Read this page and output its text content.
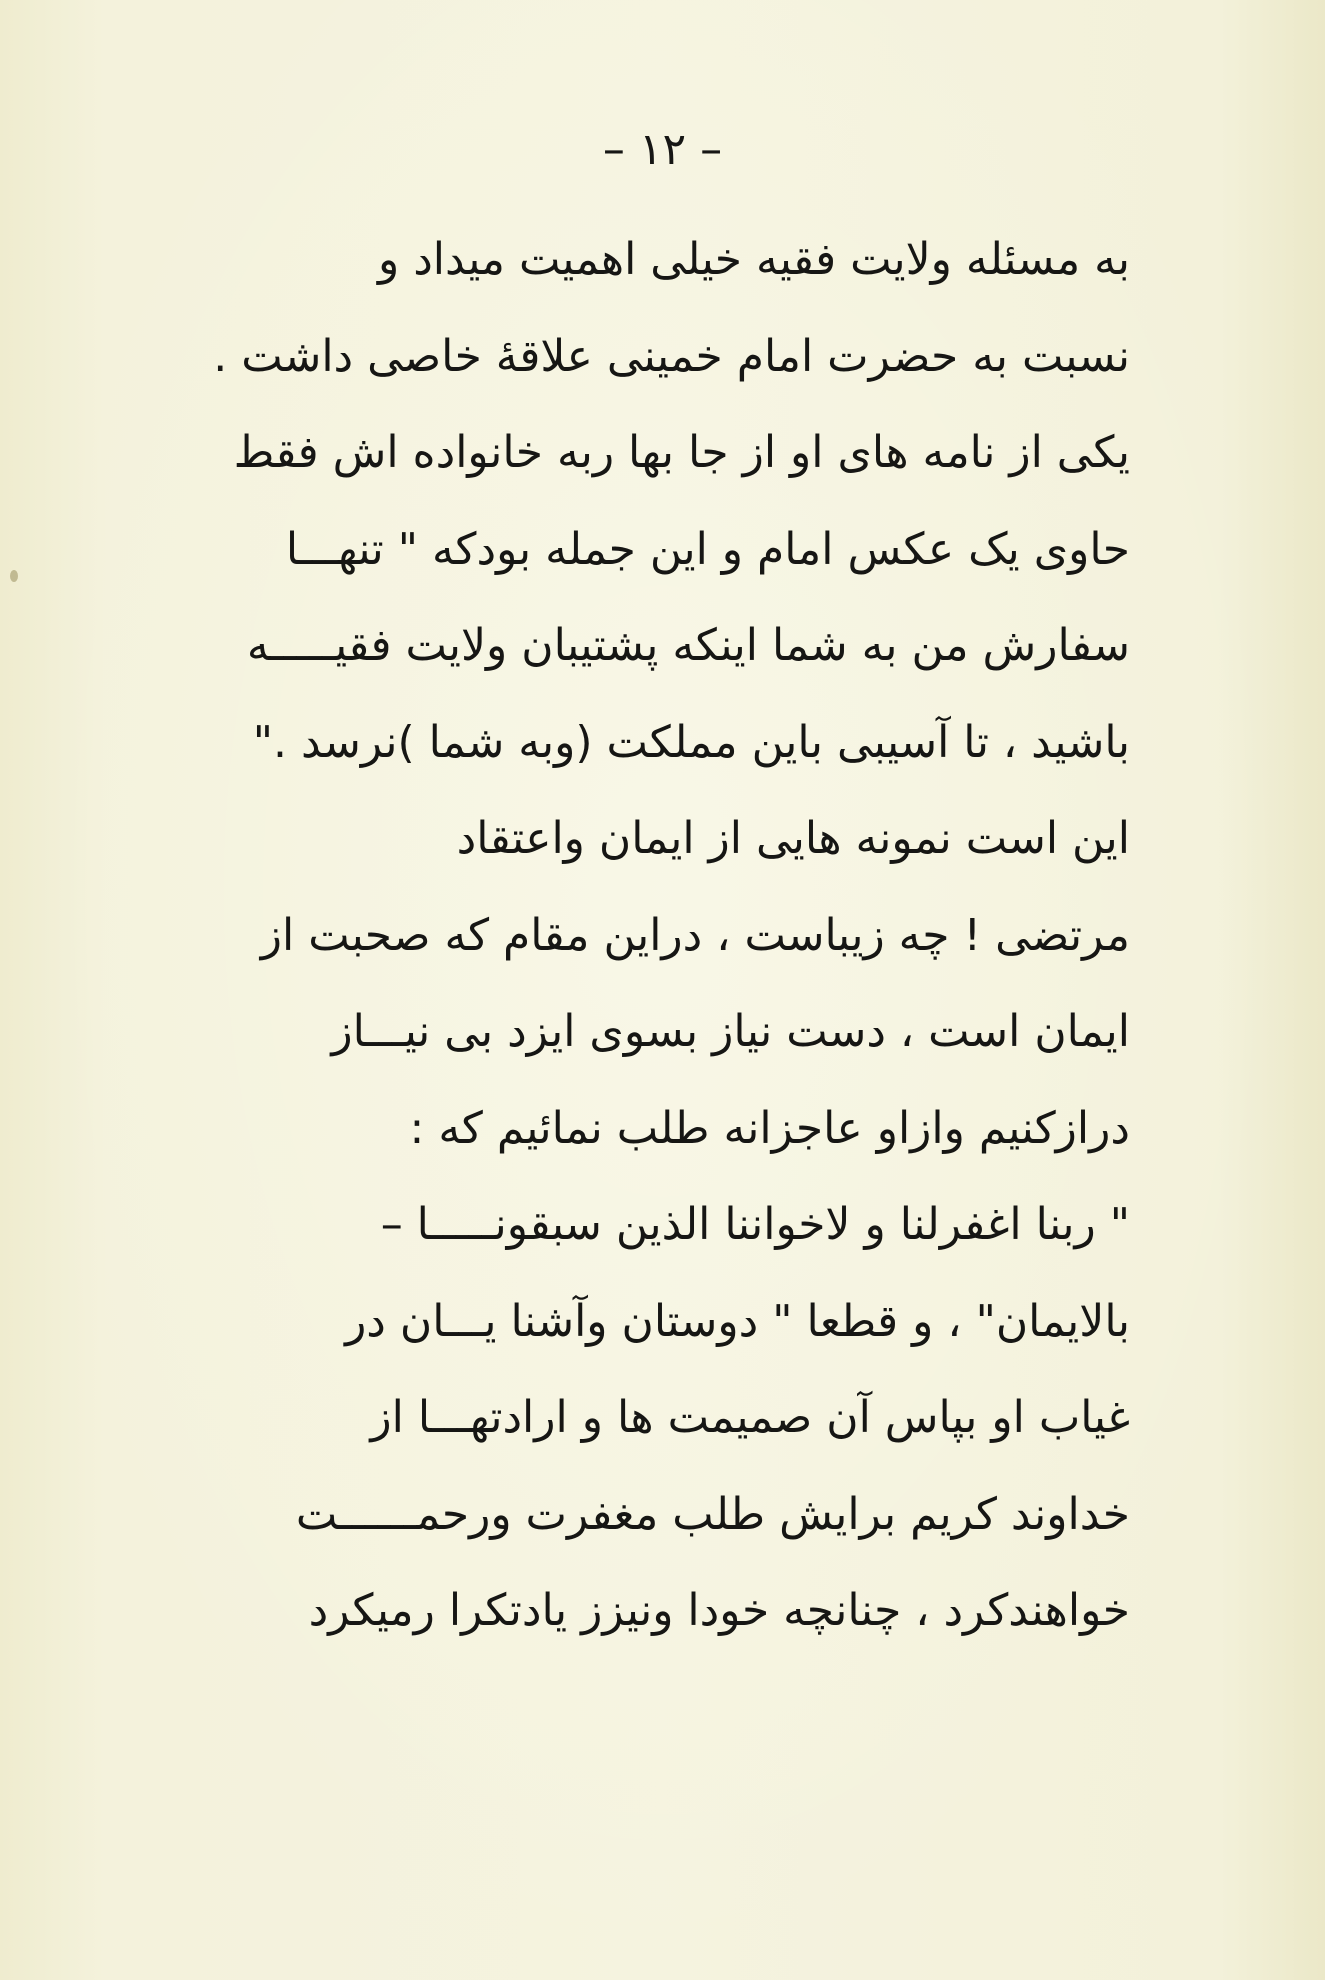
– ۱۲ –
به مسئله ولایت فقیه خیلی اهمیت میداد و
نسبت به حضرت امام خمینی علاقهٔ خاصی داشت .
یکی از نامه های او از جا بها ربه خانواده اش فقط
حاوی یک عکس امام و این جمله بودکه " تنهـــا
سفارش من به شما اینکه پشتیبان ولایت فقیـــــه
باشید ، تا آسیبی باین مملکت (وبه شما )نرسد ."
این است نمونه هایی از ایمان واعتقاد
مرتضی ! چه زیباست ، دراین مقام که صحبت از
ایمان است ، دست نیاز بسوی ایزد بی نیـــاز
درازکنیم وازاو عاجزانه طلب نمائیم که :
" ربنا اغفرلنا و لاخواننا الذین سبقونـــــا –
بالایمان" ، و قطعا " دوستان وآشنا یـــان در
غیاب او بپاس آن صمیمت ها و ارادتهـــا از
خداوند کریم برایش طلب مغفرت ورحمــــــت
خواهندکرد ، چنانچه خودا ونیزز یادتکرا رمیکرد
